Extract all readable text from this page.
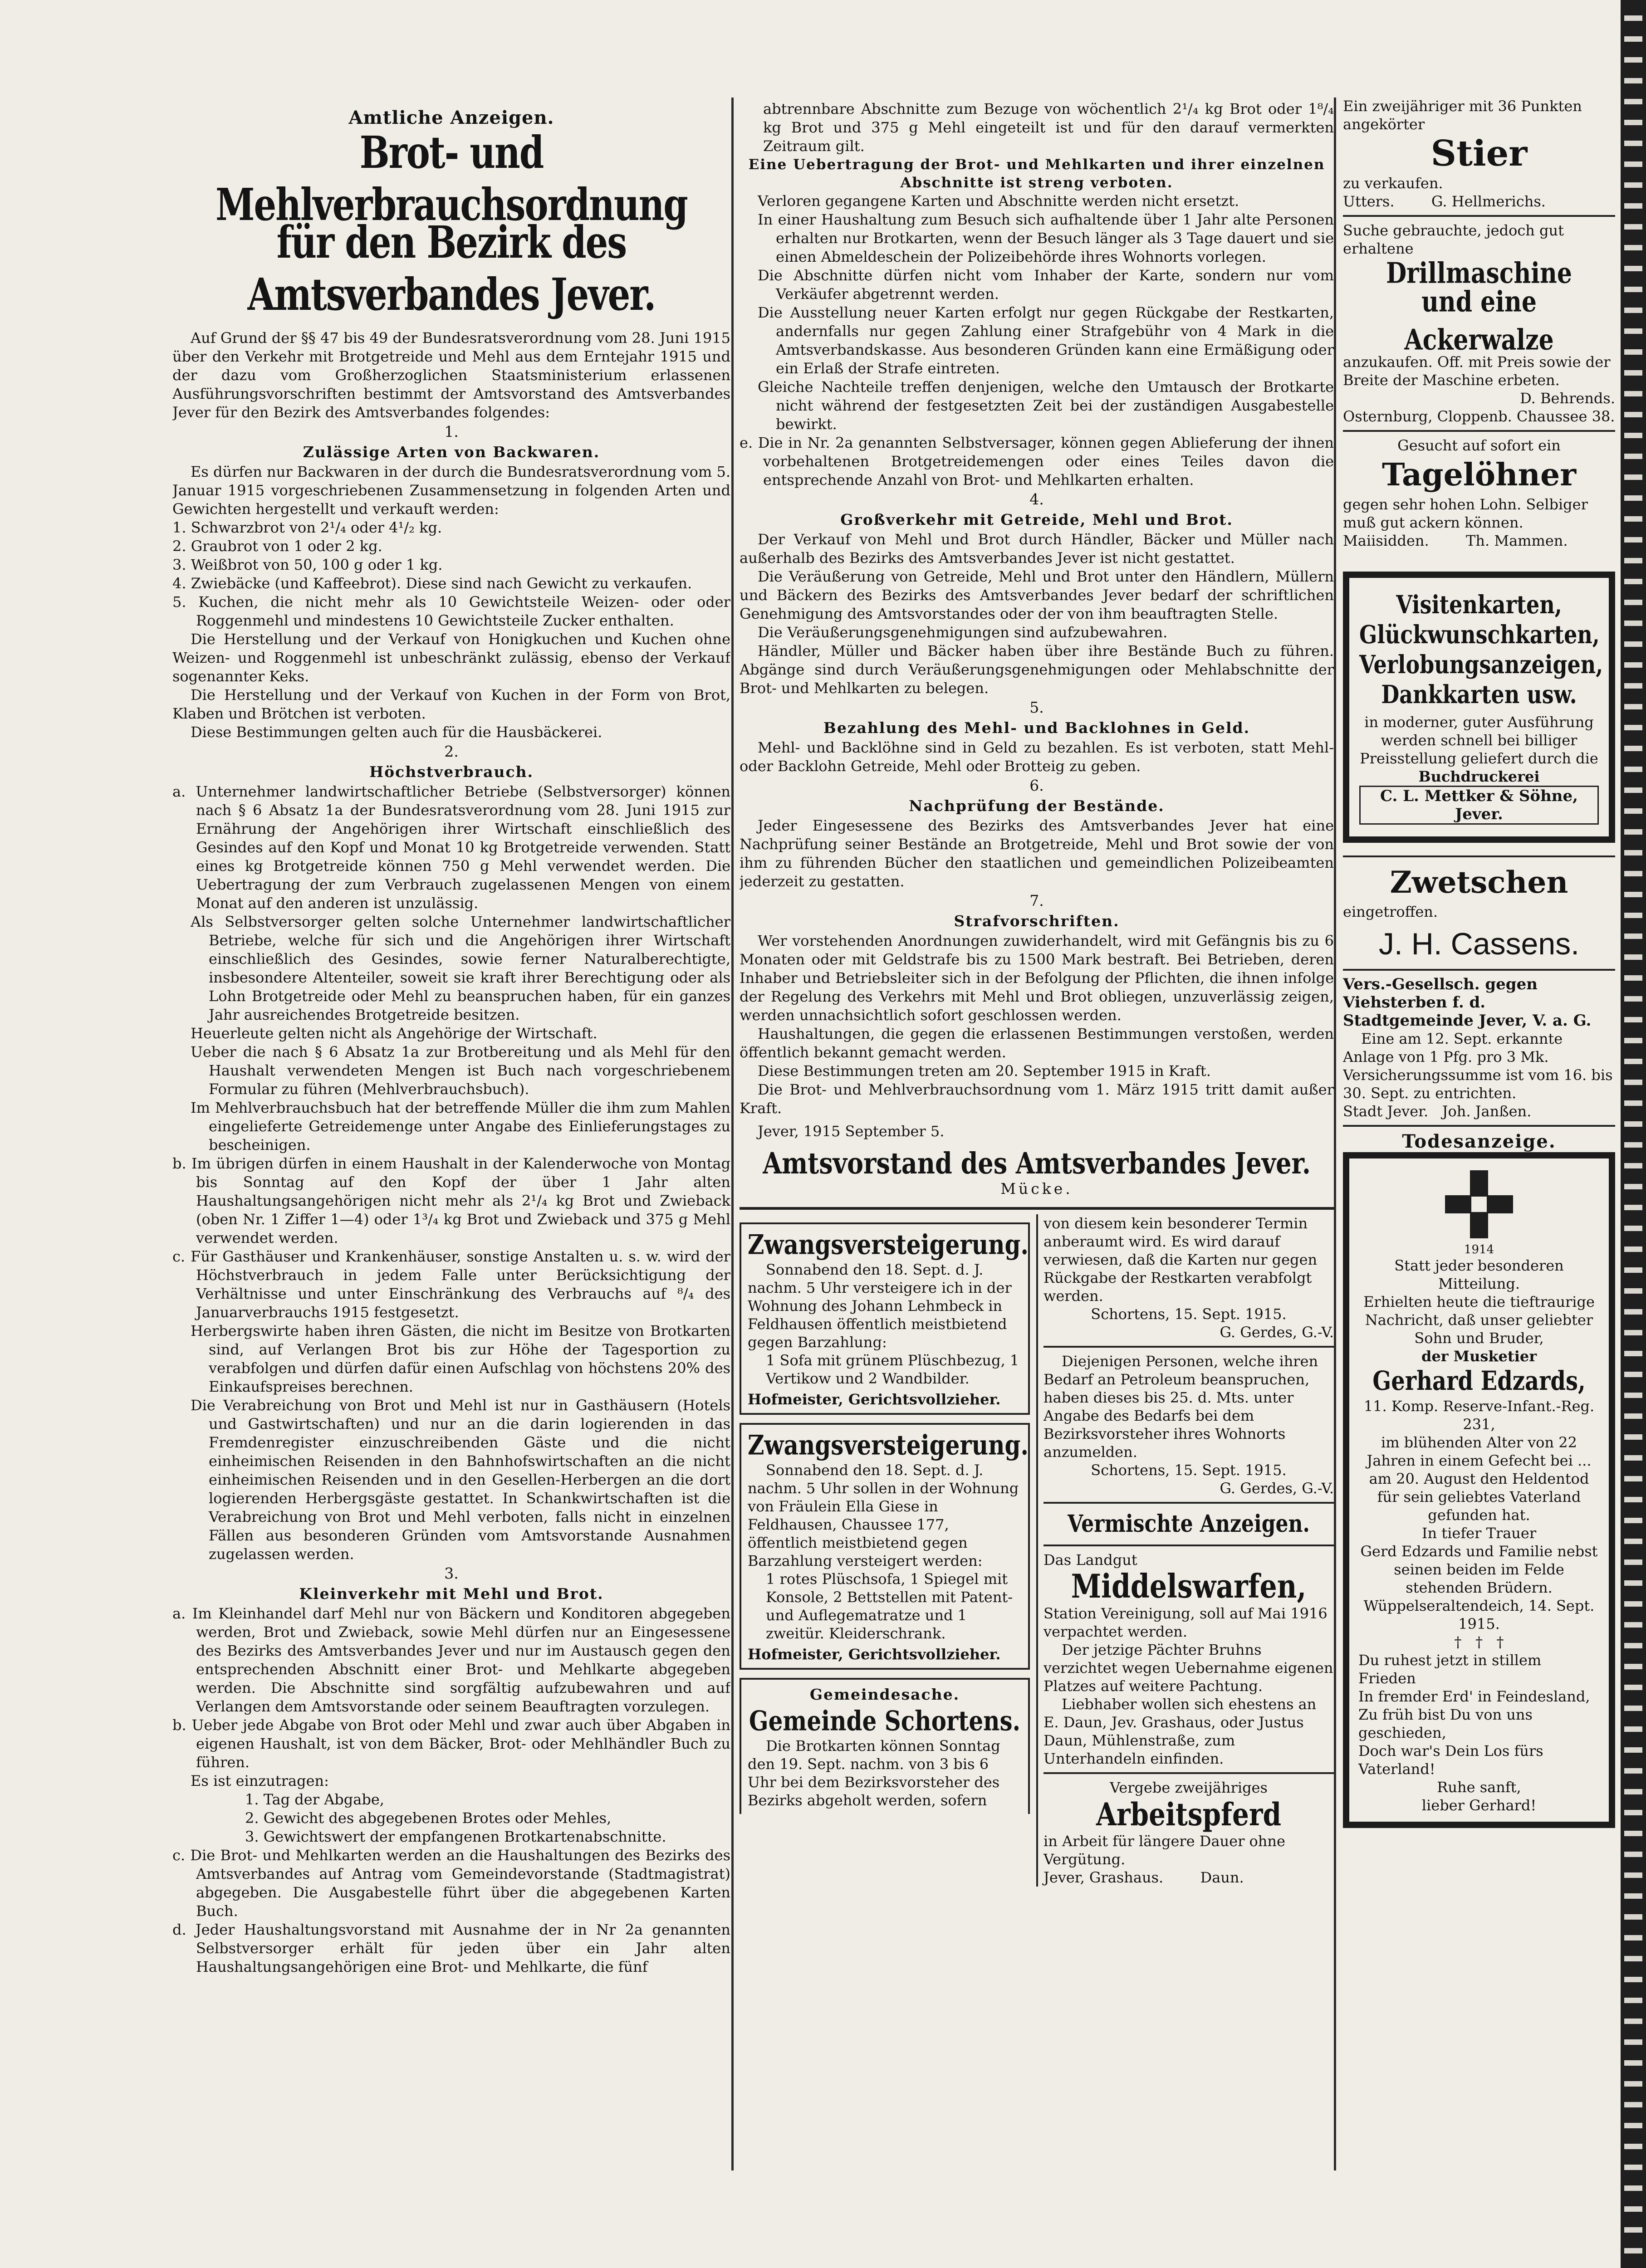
Amtliche Anzeigen.

Brot- und Mehlverbrauchsordnung

für den Bezirk des Amtsverbandes Jever.

Auf Grund der §§ 47 bis 49 der Bundesratsverordnung vom 28. Juni 1915 über den Verkehr mit Brotgetreide und Mehl aus dem Erntejahr 1915 und der dazu vom Großherzoglichen Staatsministerium erlassenen Ausführungsvorschriften bestimmt der Amtsvorstand des Amtsverbandes Jever für den Bezirk des Amtsverbandes folgendes:

1.

Zulässige Arten von Backwaren.

Es dürfen nur Backwaren in der durch die Bundesratsverordnung vom 5. Januar 1915 vorgeschriebenen Zusammensetzung in folgenden Arten und Gewichten hergestellt und verkauft werden:

1. Schwarzbrot von 2¹/₄ oder 4¹/₂ kg.

2. Graubrot von 1 oder 2 kg.

3. Weißbrot von 50, 100 g oder 1 kg.

4. Zwiebäcke (und Kaffeebrot). Diese sind nach Gewicht zu verkaufen.

5. Kuchen, die nicht mehr als 10 Gewichtsteile Weizen- oder oder Roggenmehl und mindestens 10 Gewichtsteile Zucker enthalten.

Die Herstellung und der Verkauf von Honigkuchen und Kuchen ohne Weizen- und Roggenmehl ist unbeschränkt zulässig, ebenso der Verkauf sogenannter Keks.

Die Herstellung und der Verkauf von Kuchen in der Form von Brot, Klaben und Brötchen ist verboten.

Diese Bestimmungen gelten auch für die Hausbäckerei.

2.

Höchstverbrauch.

a. Unternehmer landwirtschaftlicher Betriebe (Selbstversorger) können nach § 6 Absatz 1a der Bundesratsverordnung vom 28. Juni 1915 zur Ernährung der Angehörigen ihrer Wirtschaft einschließlich des Gesindes auf den Kopf und Monat 10 kg Brotgetreide verwenden. Statt eines kg Brotgetreide können 750 g Mehl verwendet werden. Die Uebertragung der zum Verbrauch zugelassenen Mengen von einem Monat auf den anderen ist unzulässig.

Als Selbstversorger gelten solche Unternehmer landwirtschaftlicher Betriebe, welche für sich und die Angehörigen ihrer Wirtschaft einschließlich des Gesindes, sowie ferner Naturalberechtigte, insbesondere Altenteiler, soweit sie kraft ihrer Berechtigung oder als Lohn Brotgetreide oder Mehl zu beanspruchen haben, für ein ganzes Jahr ausreichendes Brotgetreide besitzen.

Heuerleute gelten nicht als Angehörige der Wirtschaft.

Ueber die nach § 6 Absatz 1a zur Brotbereitung und als Mehl für den Haushalt verwendeten Mengen ist Buch nach vorgeschriebenem Formular zu führen (Mehlverbrauchsbuch).

Im Mehlverbrauchsbuch hat der betreffende Müller die ihm zum Mahlen eingelieferte Getreidemenge unter Angabe des Einlieferungstages zu bescheinigen.

b. Im übrigen dürfen in einem Haushalt in der Kalenderwoche von Montag bis Sonntag auf den Kopf der über 1 Jahr alten Haushaltungsangehörigen nicht mehr als 2¹/₄ kg Brot und Zwieback (oben Nr. 1 Ziffer 1—4) oder 1³/₄ kg Brot und Zwieback und 375 g Mehl verwendet werden.

c. Für Gasthäuser und Krankenhäuser, sonstige Anstalten u. s. w. wird der Höchstverbrauch in jedem Falle unter Berücksichtigung der Verhältnisse und unter Einschränkung des Verbrauchs auf ⁸/₄ des Januarverbrauchs 1915 festgesetzt.

Herbergswirte haben ihren Gästen, die nicht im Besitze von Brotkarten sind, auf Verlangen Brot bis zur Höhe der Tagesportion zu verabfolgen und dürfen dafür einen Aufschlag von höchstens 20% des Einkaufspreises berechnen.

Die Verabreichung von Brot und Mehl ist nur in Gasthäusern (Hotels und Gastwirtschaften) und nur an die darin logierenden in das Fremdenregister einzuschreibenden Gäste und die nicht einheimischen Reisenden in den Bahnhofswirtschaften an die nicht einheimischen Reisenden und in den Gesellen-Herbergen an die dort logierenden Herbergsgäste gestattet. In Schankwirtschaften ist die Verabreichung von Brot und Mehl verboten, falls nicht in einzelnen Fällen aus besonderen Gründen vom Amtsvorstande Ausnahmen zugelassen werden.

3.

Kleinverkehr mit Mehl und Brot.

a. Im Kleinhandel darf Mehl nur von Bäckern und Konditoren abgegeben werden, Brot und Zwieback, sowie Mehl dürfen nur an Eingesessene des Bezirks des Amtsverbandes Jever und nur im Austausch gegen den entsprechenden Abschnitt einer Brot- und Mehlkarte abgegeben werden. Die Abschnitte sind sorgfältig aufzubewahren und auf Verlangen dem Amtsvorstande oder seinem Beauftragten vorzulegen.

b. Ueber jede Abgabe von Brot oder Mehl und zwar auch über Abgaben in eigenen Haushalt, ist von dem Bäcker, Brot- oder Mehlhändler Buch zu führen.

Es ist einzutragen:

1. Tag der Abgabe,

2. Gewicht des abgegebenen Brotes oder Mehles,

3. Gewichtswert der empfangenen Brotkartenabschnitte.

c. Die Brot- und Mehlkarten werden an die Haushaltungen des Bezirks des Amtsverbandes auf Antrag vom Gemeindevorstande (Stadtmagistrat) abgegeben. Die Ausgabestelle führt über die abgegebenen Karten Buch.

d. Jeder Haushaltungsvorstand mit Ausnahme der in Nr 2a genannten Selbstversorger erhält für jeden über ein Jahr alten Haushaltungsangehörigen eine Brot- und Mehlkarte, die fünf

abtrennbare Abschnitte zum Bezuge von wöchentlich 2¹/₄ kg Brot oder 1⁸/₄ kg Brot und 375 g Mehl eingeteilt ist und für den darauf vermerkten Zeitraum gilt.

Eine Uebertragung der Brot- und Mehlkarten und ihrer einzelnen Abschnitte ist streng verboten.

Verloren gegangene Karten und Abschnitte werden nicht ersetzt.

In einer Haushaltung zum Besuch sich aufhaltende über 1 Jahr alte Personen erhalten nur Brotkarten, wenn der Besuch länger als 3 Tage dauert und sie einen Abmeldeschein der Polizeibehörde ihres Wohnorts vorlegen.

Die Abschnitte dürfen nicht vom Inhaber der Karte, sondern nur vom Verkäufer abgetrennt werden.

Die Ausstellung neuer Karten erfolgt nur gegen Rückgabe der Restkarten, andernfalls nur gegen Zahlung einer Strafgebühr von 4 Mark in die Amtsverbandskasse. Aus besonderen Gründen kann eine Ermäßigung oder ein Erlaß der Strafe eintreten.

Gleiche Nachteile treffen denjenigen, welche den Umtausch der Brotkarte nicht während der festgesetzten Zeit bei der zuständigen Ausgabestelle bewirkt.

e. Die in Nr. 2a genannten Selbstversager, können gegen Ablieferung der ihnen vorbehaltenen Brotgetreidemengen oder eines Teiles davon die entsprechende Anzahl von Brot- und Mehlkarten erhalten.

4.

Großverkehr mit Getreide, Mehl und Brot.

Der Verkauf von Mehl und Brot durch Händler, Bäcker und Müller nach außerhalb des Bezirks des Amtsverbandes Jever ist nicht gestattet.

Die Veräußerung von Getreide, Mehl und Brot unter den Händlern, Müllern und Bäckern des Bezirks des Amtsverbandes Jever bedarf der schriftlichen Genehmigung des Amtsvorstandes oder der von ihm beauftragten Stelle.

Die Veräußerungsgenehmigungen sind aufzubewahren.

Händler, Müller und Bäcker haben über ihre Bestände Buch zu führen. Abgänge sind durch Veräußerungsgenehmigungen oder Mehlabschnitte der Brot- und Mehlkarten zu belegen.

5.

Bezahlung des Mehl- und Backlohnes in Geld.

Mehl- und Backlöhne sind in Geld zu bezahlen. Es ist verboten, statt Mehl- oder Backlohn Getreide, Mehl oder Brotteig zu geben.

6.

Nachprüfung der Bestände.

Jeder Eingesessene des Bezirks des Amtsverbandes Jever hat eine Nachprüfung seiner Bestände an Brotgetreide, Mehl und Brot sowie der von ihm zu führenden Bücher den staatlichen und gemeindlichen Polizeibeamten jederzeit zu gestatten.

7.

Strafvorschriften.

Wer vorstehenden Anordnungen zuwiderhandelt, wird mit Gefängnis bis zu 6 Monaten oder mit Geldstrafe bis zu 1500 Mark bestraft. Bei Betrieben, deren Inhaber und Betriebsleiter sich in der Befolgung der Pflichten, die ihnen infolge der Regelung des Verkehrs mit Mehl und Brot obliegen, unzuverlässig zeigen, werden unnachsichtlich sofort geschlossen werden.

Haushaltungen, die gegen die erlassenen Bestimmungen verstoßen, werden öffentlich bekannt gemacht werden.

Diese Bestimmungen treten am 20. September 1915 in Kraft.

Die Brot- und Mehlverbrauchsordnung vom 1. März 1915 tritt damit außer Kraft.

Jever, 1915 September 5.

Amtsvorstand des Amtsverbandes Jever.

Mücke.

Zwangsversteigerung.

Sonnabend den 18. Sept. d. J. nachm. 5 Uhr versteigere ich in der Wohnung des Johann Lehmbeck in Feldhausen öffentlich meistbietend gegen Barzahlung:

1 Sofa mit grünem Plüschbezug, 1 Vertikow und 2 Wandbilder.

Hofmeister, Gerichtsvollzieher.

Zwangsversteigerung.

Sonnabend den 18. Sept. d. J. nachm. 5 Uhr sollen in der Wohnung von Fräulein Ella Giese in Feldhausen, Chaussee 177, öffentlich meistbietend gegen Barzahlung versteigert werden:

1 rotes Plüschsofa, 1 Spiegel mit Konsole, 2 Bettstellen mit Patent- und Auflegematratze und 1 zweitür. Kleiderschrank.

Hofmeister, Gerichtsvollzieher.

Gemeindesache.

Gemeinde Schortens.

Die Brotkarten können Sonntag den 19. Sept. nachm. von 3 bis 6 Uhr bei dem Bezirksvorsteher des Bezirks abgeholt werden, sofern

von diesem kein besonderer Termin anberaumt wird. Es wird darauf verwiesen, daß die Karten nur gegen Rückgabe der Restkarten verabfolgt werden.

Schortens, 15. Sept. 1915.

G. Gerdes, G.-V.

Diejenigen Personen, welche ihren Bedarf an Petroleum beanspruchen, haben dieses bis 25. d. Mts. unter Angabe des Bedarfs bei dem Bezirksvorsteher ihres Wohnorts anzumelden.

Schortens, 15. Sept. 1915.

G. Gerdes, G.-V.

Vermischte Anzeigen.

Das Landgut

Middelswarfen,

Station Vereinigung, soll auf Mai 1916 verpachtet werden.

Der jetzige Pächter Bruhns verzichtet wegen Uebernahme eigenen Platzes auf weitere Pachtung.

Liebhaber wollen sich ehestens an E. Daun, Jev. Grashaus, oder Justus Daun, Mühlenstraße, zum Unterhandeln einfinden.

Vergebe zweijähriges

Arbeitspferd

in Arbeit für längere Dauer ohne Vergütung.

Jever, Grashaus.        Daun.

Ein zweijähriger mit 36 Punkten angekörter

Stier

zu verkaufen.

Utters.        G. Hellmerichs.

Suche gebrauchte, jedoch gut erhaltene

Drillmaschine

und eine Ackerwalze

anzukaufen. Off. mit Preis sowie der Breite der Maschine erbeten.

D. Behrends.

Osternburg, Cloppenb. Chaussee 38.

Gesucht auf sofort ein

Tagelöhner

gegen sehr hohen Lohn. Selbiger muß gut ackern können.

Maiisidden.        Th. Mammen.

Visitenkarten,

Glückwunschkarten,

Verlobungsanzeigen,

Dankkarten usw.

in moderner, guter Ausführung werden schnell bei billiger Preisstellung geliefert durch die

Buchdruckerei

C. L. Mettker & Söhne, Jever.

Zwetschen

eingetroffen.

J. H. Cassens.

Vers.-Gesellsch. gegen Viehsterben f. d. Stadtgemeinde Jever, V. a. G.

Eine am 12. Sept. erkannte Anlage von 1 Pfg. pro 3 Mk. Versicherungssumme ist vom 16. bis 30. Sept. zu entrichten.

Stadt Jever.   Joh. Janßen.

Todesanzeige.

1914

Statt jeder besonderen Mitteilung.

Erhielten heute die tieftraurige Nachricht, daß unser geliebter Sohn und Bruder,

der Musketier

Gerhard Edzards,

11. Komp. Reserve-Infant.-Reg. 231,

im blühenden Alter von 22 Jahren in einem Gefecht bei ... am 20. August den Heldentod für sein geliebtes Vaterland gefunden hat.

In tiefer Trauer

Gerd Edzards und Familie nebst seinen beiden im Felde stehenden Brüdern.

Wüppelseraltendeich, 14. Sept. 1915.

†   †   †

Du ruhest jetzt in stillem Frieden

In fremder Erd' in Feindesland,

Zu früh bist Du von uns geschieden,

Doch war's Dein Los fürs Vaterland!

Ruhe sanft,

lieber Gerhard!
